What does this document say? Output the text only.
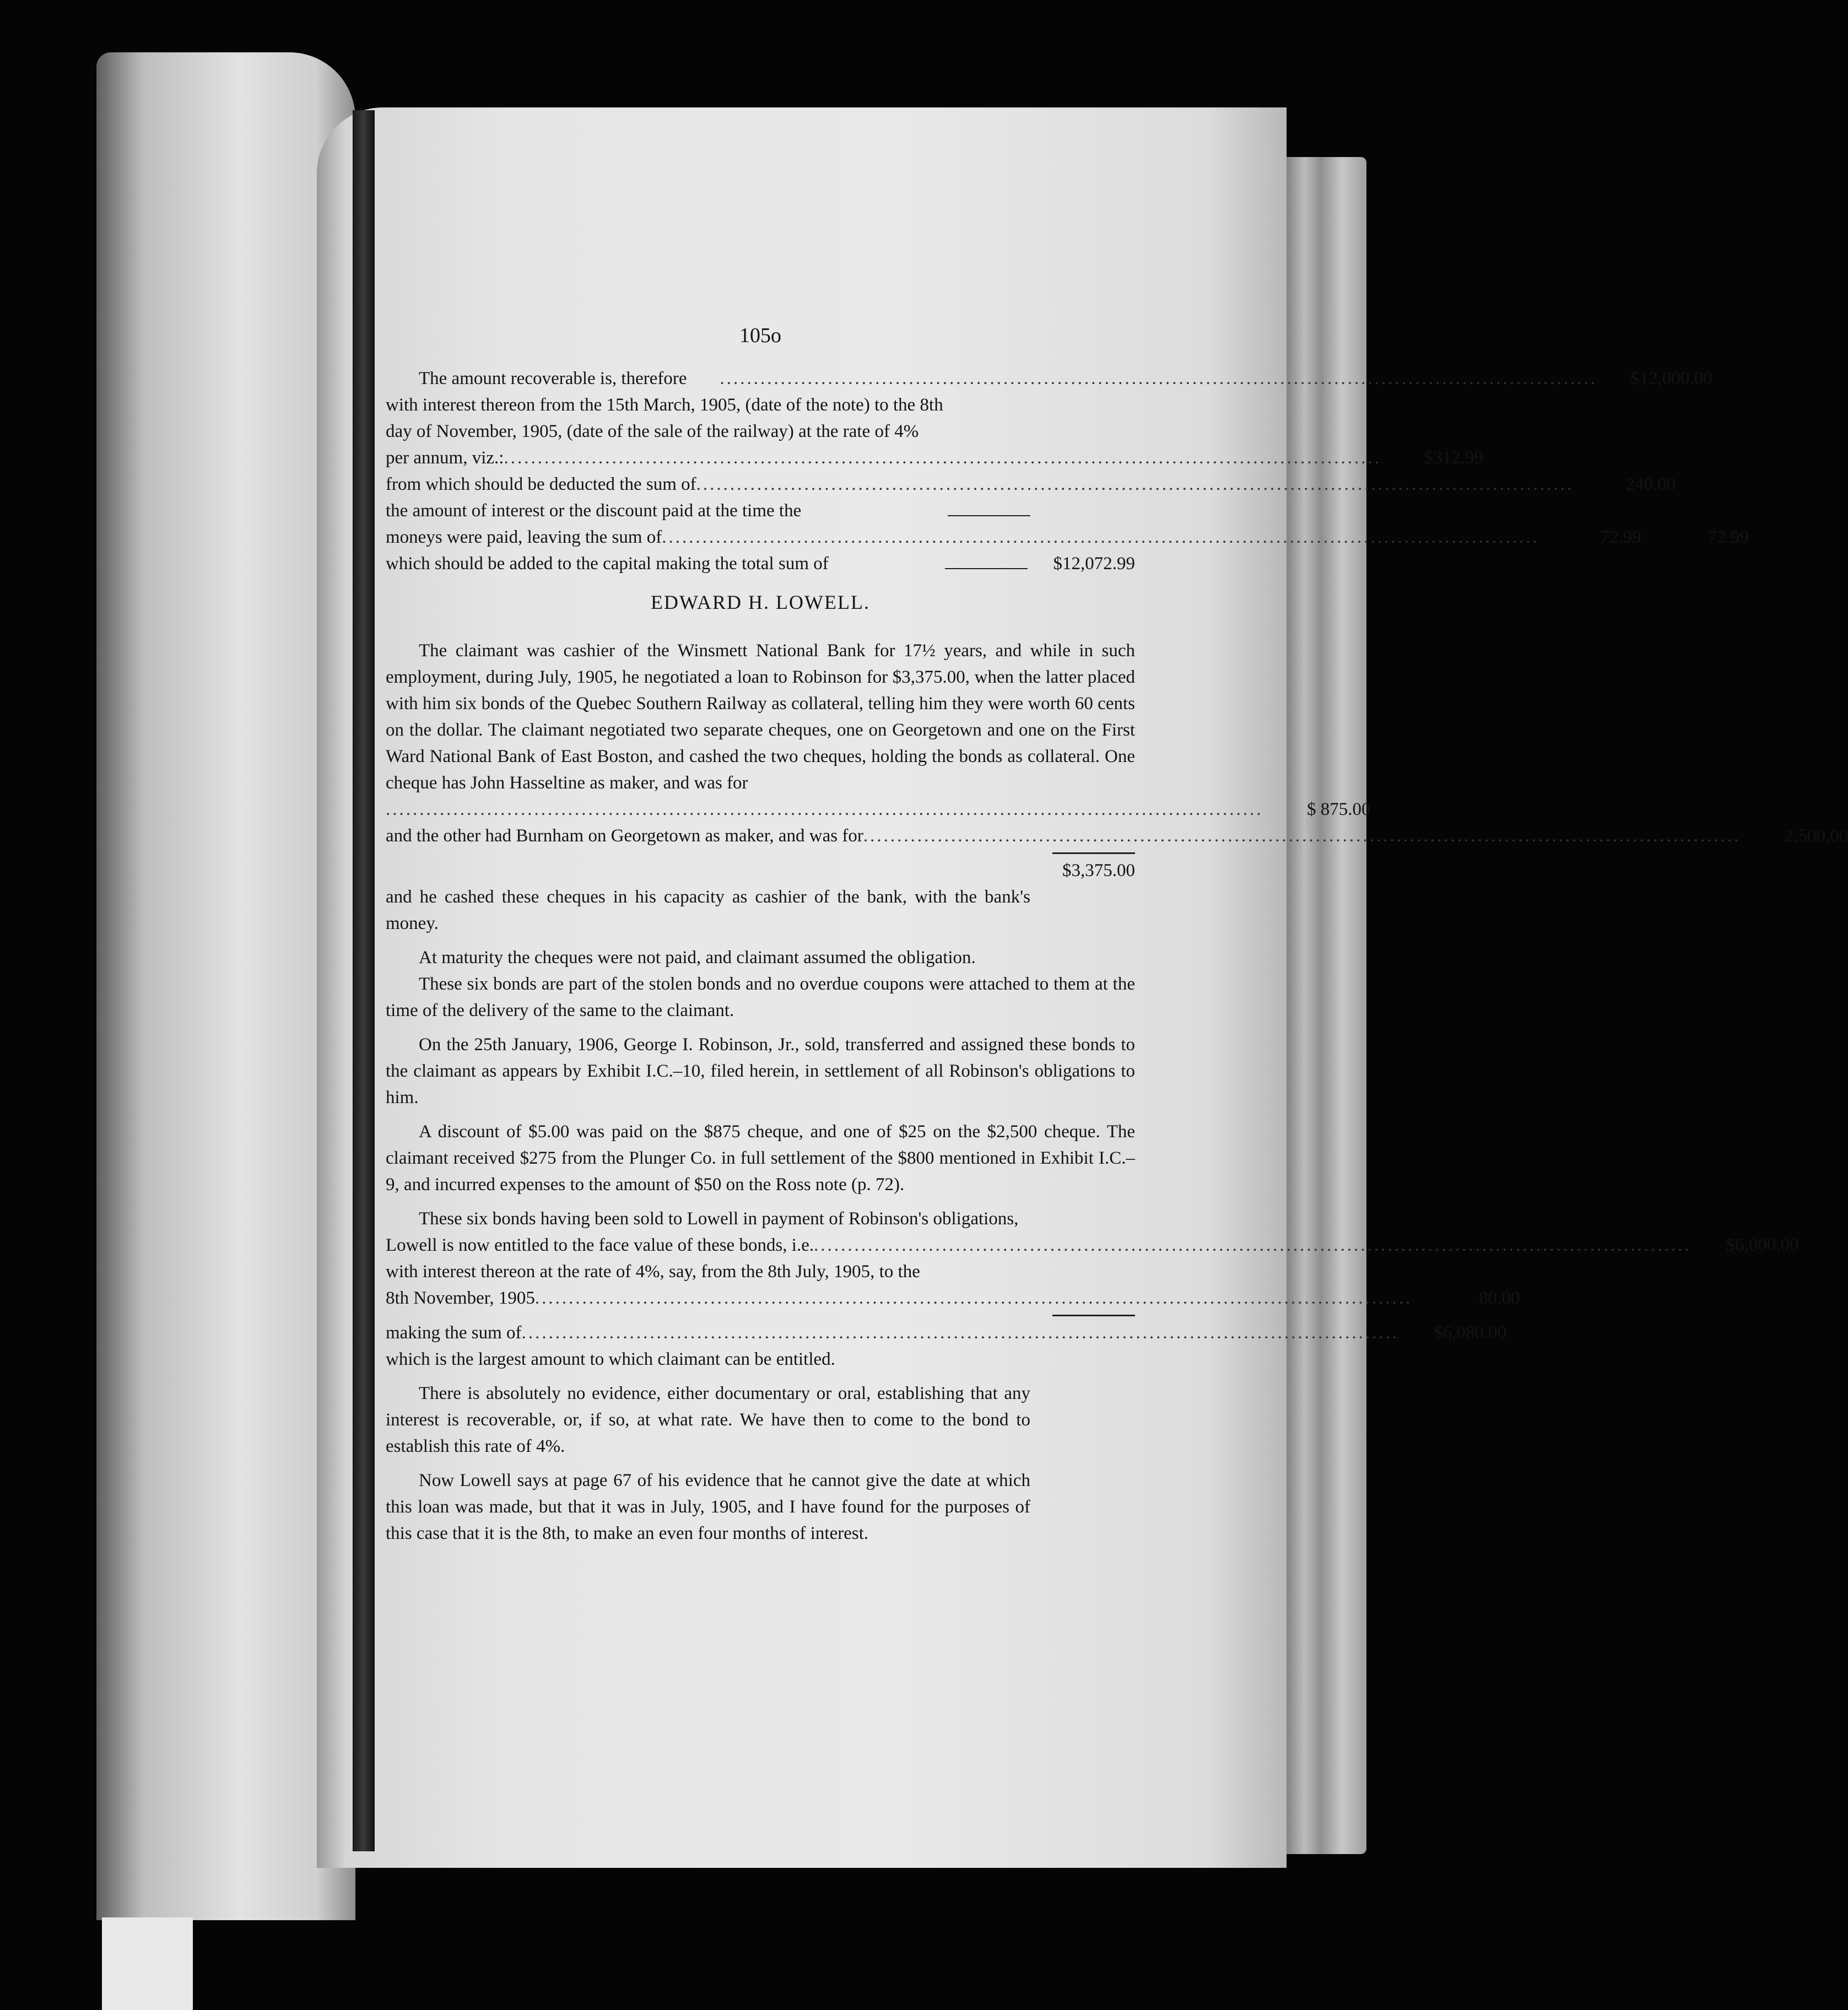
105o
The amount recoverable is, therefore	..................................................................................................................................	$12,000.00
with interest thereon from the 15th March, 1905, (date of the note) to the 8th
day of November, 1905, (date of the sale of the railway) at the rate of 4%
per annum, viz.: ..................................................................................................................................	$312.99
from which should be deducted the sum of ..................................................................................................................................	240.00
the amount of interest or the discount paid at the time the
moneys were paid, leaving the sum of ..................................................................................................................................	72.99	72 99
which should be added to the capital making the total sum of	$12,072.99
EDWARD H. LOWELL.

The claimant was cashier of the Winsmett National Bank for 17½ years, and while in such employment, during July, 1905, he negotiated a loan to Robinson for $3,375.00, when the latter placed with him six bonds of the Quebec Southern Railway as collateral, telling him they were worth 60 cents on the dollar. The claimant negotiated two separate cheques, one on Georgetown and one on the First Ward National Bank of East Boston, and cashed the two cheques, holding the bonds as collateral. One cheque has John Hasseltine as maker, and was for

..................................................................................................................................	$ 875.00
and the other had Burnham on Georgetown as maker, and was for ..................................................................................................................................	2,500.00

$3,375.00

and he cashed these cheques in his capacity as cashier of the bank, with the bank's money.

At maturity the cheques were not paid, and claimant assumed the obligation.

These six bonds are part of the stolen bonds and no overdue coupons were attached to them at the time of the delivery of the same to the claimant.

On the 25th January, 1906, George I. Robinson, Jr., sold, transferred and assigned these bonds to the claimant as appears by Exhibit I.C.–10, filed herein, in settlement of all Robinson's obligations to him.

A discount of $5.00 was paid on the $875 cheque, and one of $25 on the $2,500 cheque. The claimant received $275 from the Plunger Co. in full settlement of the $800 mentioned in Exhibit I.C.–9, and incurred expenses to the amount of $50 on the Ross note (p. 72).

These six bonds having been sold to Lowell in payment of Robinson's obligations,

Lowell is now entitled to the face value of these bonds, i.e. ..................................................................................................................................	$6,000.00
with interest thereon at the rate of 4%, say, from the 8th July, 1905, to the
8th November, 1905 ..................................................................................................................................	80.00
making the sum of ..................................................................................................................................	$6,080.00

which is the largest amount to which claimant can be entitled.

There is absolutely no evidence, either documentary or oral, establishing that any interest is recoverable, or, if so, at what rate. We have then to come to the bond to establish this rate of 4%.

Now Lowell says at page 67 of his evidence that he cannot give the date at which this loan was made, but that it was in July, 1905, and I have found for the purposes of this case that it is the 8th, to make an even four months of interest.
